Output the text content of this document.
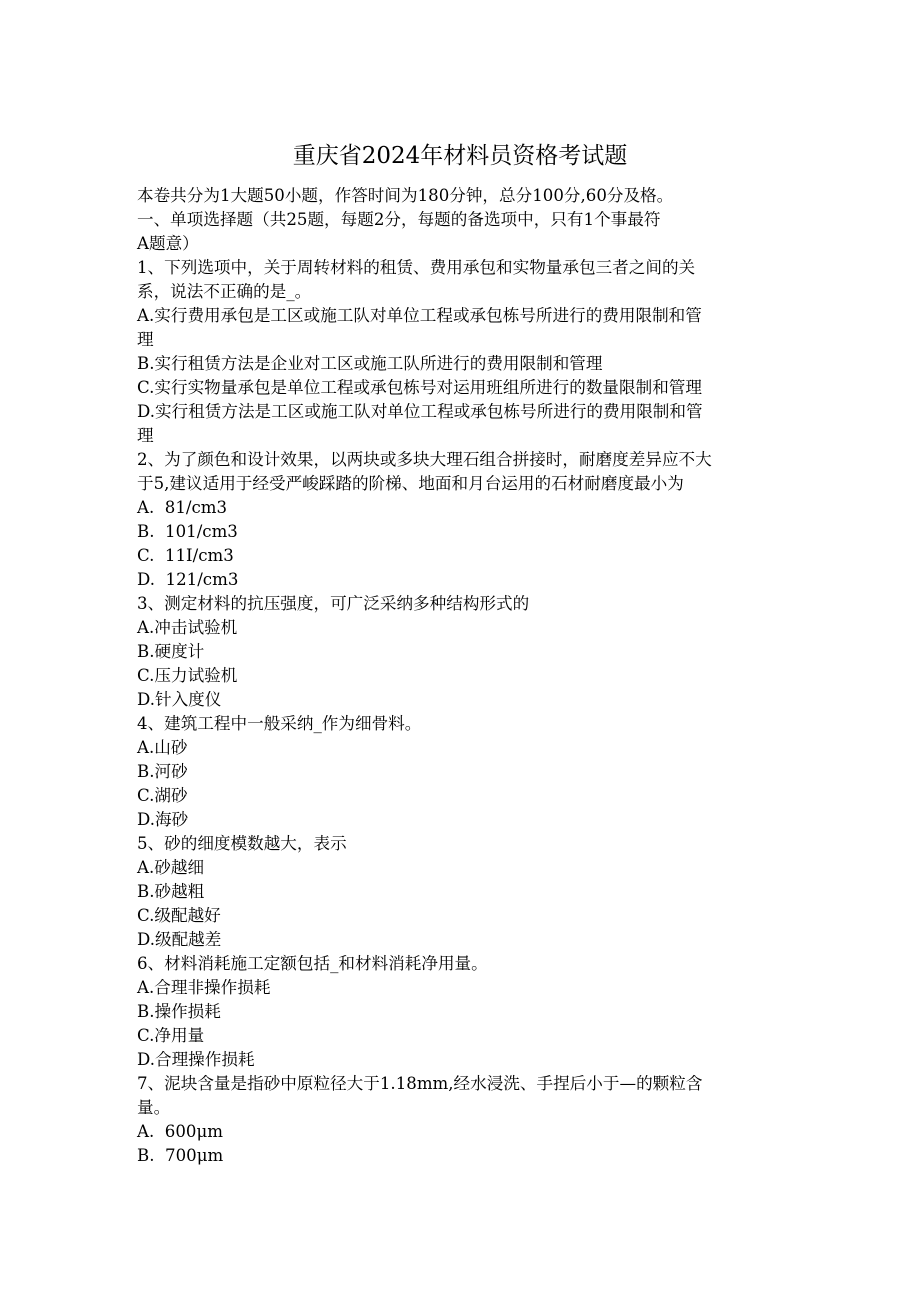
重庆省2024年材料员资格考试题
本卷共分为1大题50小题，作答时间为180分钟，总分100分,60分及格。
一、单项选择题（共25题，每题2分，每题的备选项中，只有1个事最符
A题意）
1、下列选项中，关于周转材料的租赁、费用承包和实物量承包三者之间的关
系，说法不正确的是_。
A.实行费用承包是工区或施工队对单位工程或承包栋号所进行的费用限制和管
理
B.实行租赁方法是企业对工区或施工队所进行的费用限制和管理
C.实行实物量承包是单位工程或承包栋号对运用班组所进行的数量限制和管理
D.实行租赁方法是工区或施工队对单位工程或承包栋号所进行的费用限制和管
理
2、为了颜色和设计效果，以两块或多块大理石组合拼接时，耐磨度差异应不大
于5,建议适用于经受严峻踩踏的阶梯、地面和月台运用的石材耐磨度最小为
A.  81/cm3
B.  101/cm3
C.  11I/cm3
D.  121/cm3
3、测定材料的抗压强度，可广泛采纳多种结构形式的
A.冲击试验机
B.硬度计
C.压力试验机
D.针入度仪
4、建筑工程中一般采纳_作为细骨料。
A.山砂
B.河砂
C.湖砂
D.海砂
5、砂的细度模数越大，表示
A.砂越细
B.砂越粗
C.级配越好
D.级配越差
6、材料消耗施工定额包括_和材料消耗净用量。
A.合理非操作损耗
B.操作损耗
C.净用量
D.合理操作损耗
7、泥块含量是指砂中原粒径大于1.18mm,经水浸洗、手捏后小于—的颗粒含
量。
A.  600μm
B.  700μm
